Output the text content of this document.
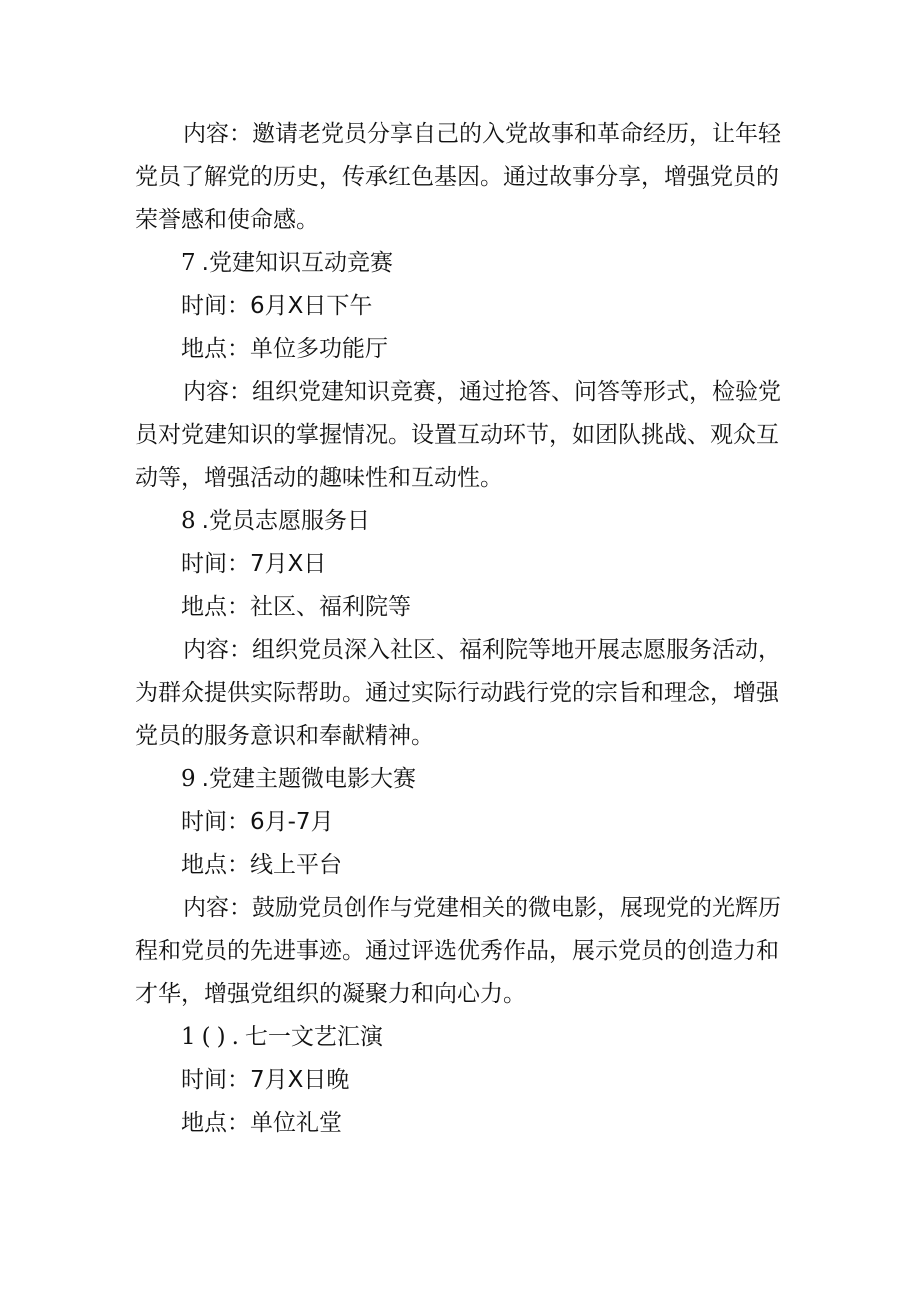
内容：邀请老党员分享自己的入党故事和革命经历，让年轻
党员了解党的历史，传承红色基因。通过故事分享，增强党员的
荣誉感和使命感。
7.党建知识互动竞赛
时间：6月X日下午
地点：单位多功能厅
内容：组织党建知识竞赛，通过抢答、问答等形式，检验党
员对党建知识的掌握情况。设置互动环节，如团队挑战、观众互
动等，增强活动的趣味性和互动性。
8.党员志愿服务日
时间：7月X日
地点：社区、福利院等
内容：组织党员深入社区、福利院等地开展志愿服务活动，
为群众提供实际帮助。通过实际行动践行党的宗旨和理念，增强
党员的服务意识和奉献精神。
9.党建主题微电影大赛
时间：6月-7月
地点：线上平台
内容：鼓励党员创作与党建相关的微电影，展现党的光辉历
程和党员的先进事迹。通过评选优秀作品，展示党员的创造力和
才华，增强党组织的凝聚力和向心力。
1().七一文艺汇演
时间：7月X日晚
地点：单位礼堂
